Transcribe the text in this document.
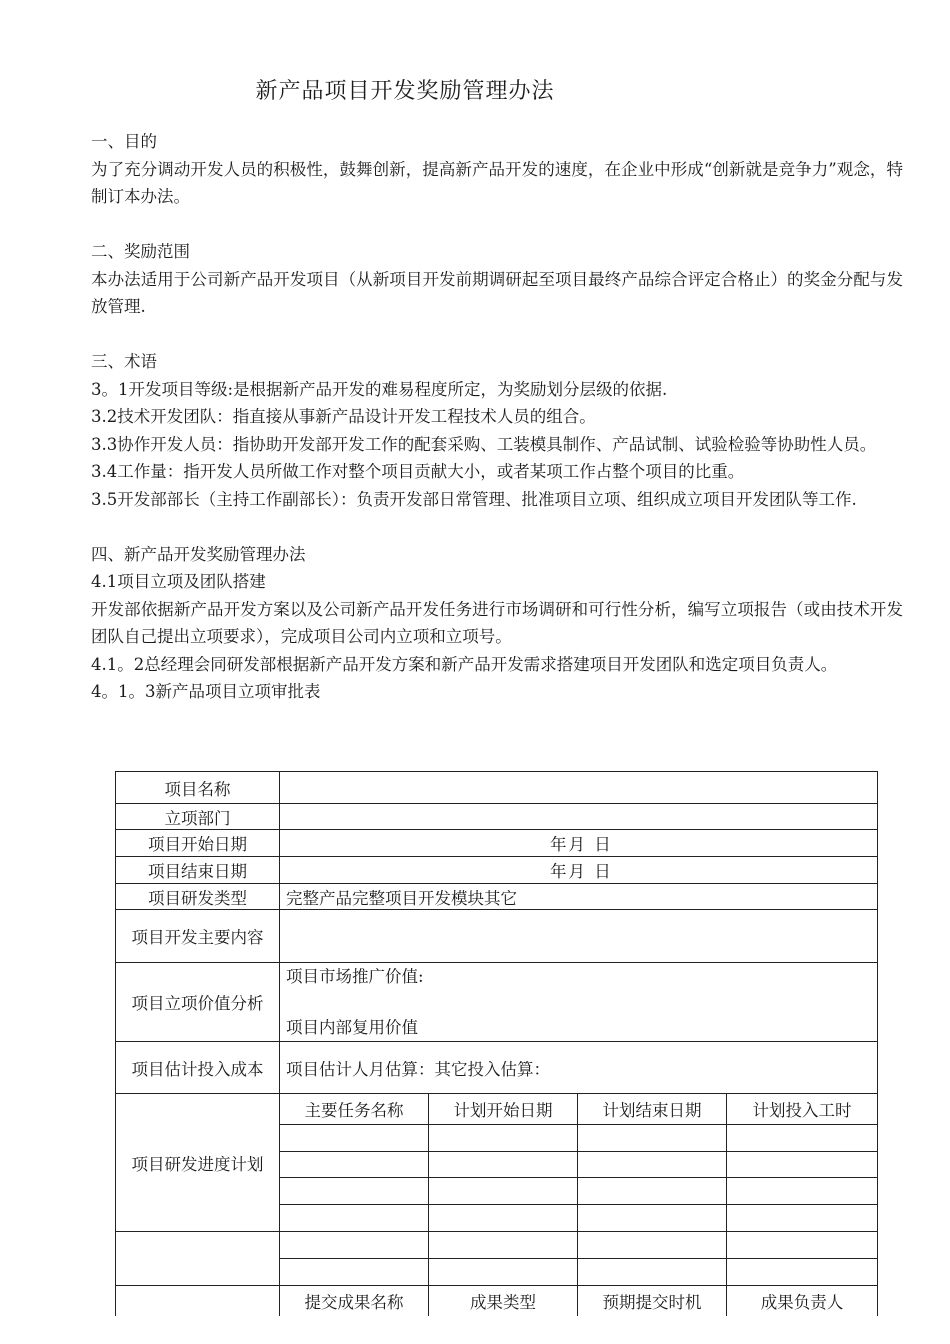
新产品项目开发奖励管理办法

一、目的

为了充分调动开发人员的积极性，鼓舞创新，提高新产品开发的速度，在企业中形成“创新就是竞争力”观念，特制订本办法。

二、奖励范围

本办法适用于公司新产品开发项目（从新项目开发前期调研起至项目最终产品综合评定合格止）的奖金分配与发放管理.

三、术语

3。1开发项目等级:是根据新产品开发的难易程度所定，为奖励划分层级的依据.

3.2技术开发团队：指直接从事新产品设计开发工程技术人员的组合。

3.3协作开发人员：指协助开发部开发工作的配套采购、工装模具制作、产品试制、试验检验等协助性人员。

3.4工作量：指开发人员所做工作对整个项目贡献大小，或者某项工作占整个项目的比重。

3.5开发部部长（主持工作副部长）：负责开发部日常管理、批准项目立项、组织成立项目开发团队等工作.

四、新产品开发奖励管理办法

4.1项目立项及团队搭建

开发部依据新产品开发方案以及公司新产品开发任务进行市场调研和可行性分析，编写立项报告（或由技术开发团队自己提出立项要求），完成项目公司内立项和立项号。

4.1。2总经理会同研发部根据新产品开发方案和新产品开发需求搭建项目开发团队和选定项目负责人。

4。1。3新产品项目立项审批表

项目名称				
立项部门				
项目开始日期	年月 日			
项目结束日期	年月 日			
项目研发类型	完整产品完整项目开发模块其它			
项目开发主要内容				
项目立项价值分析	项目市场推广价值:
项目内部复用价值			

项目估计投入成本	项目估计人月估算：其它投入估算：			
项目研发进度计划	主要任务名称	计划开始日期	计划结束日期	计划投入工时

	提交成果名称	成果类型	预期提交时机	成果负责人
